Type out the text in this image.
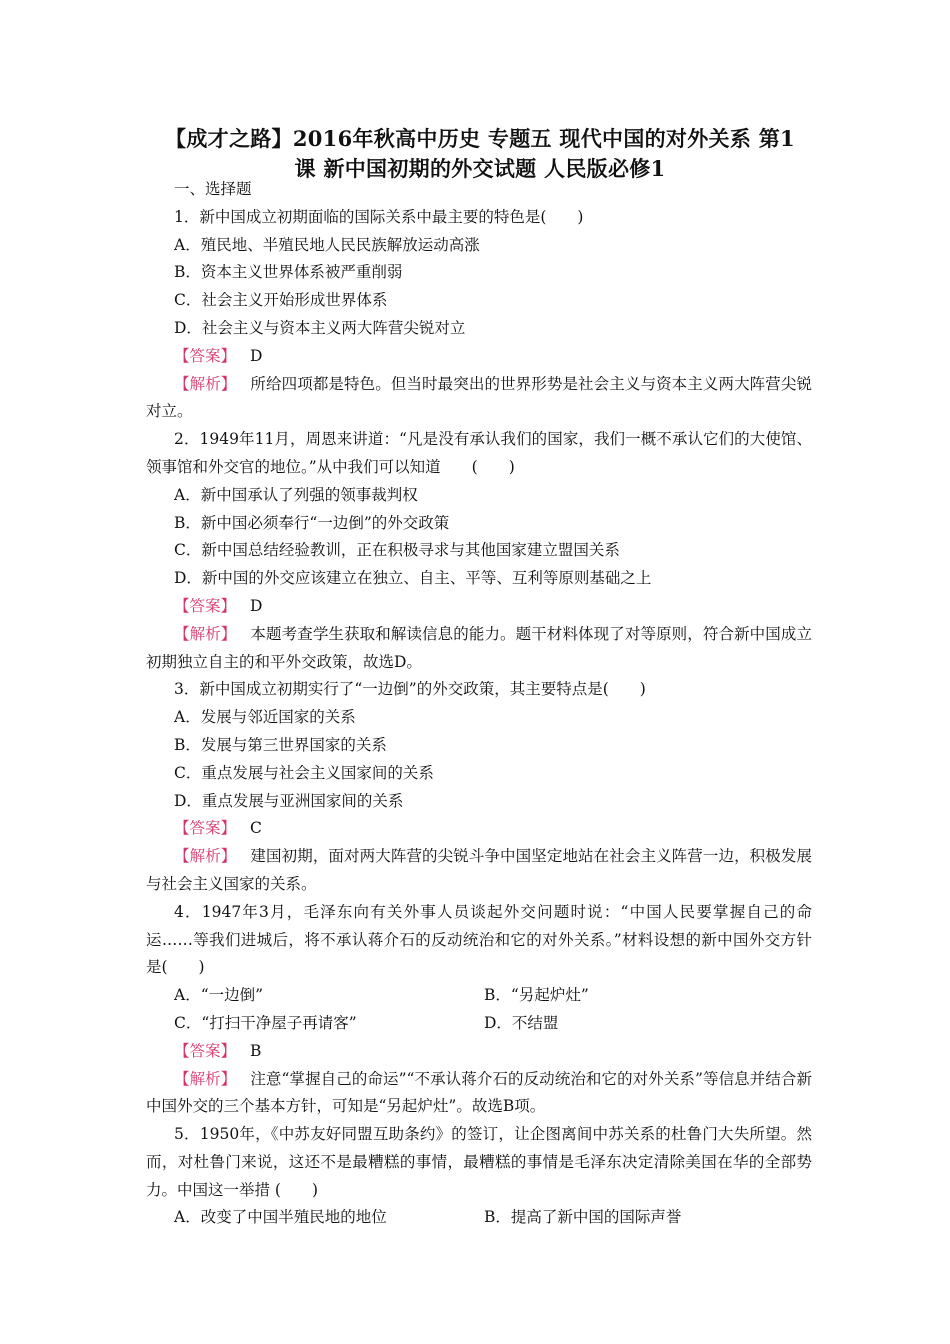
【成才之路】2016年秋高中历史 专题五 现代中国的对外关系 第1
课 新中国初期的外交试题 人民版必修1

一、选择题

1．新中国成立初期面临的国际关系中最主要的特色是(　　)

A．殖民地、半殖民地人民民族解放运动高涨

B．资本主义世界体系被严重削弱

C．社会主义开始形成世界体系

D．社会主义与资本主义两大阵营尖锐对立

【答案】 D

【解析】 所给四项都是特色。但当时最突出的世界形势是社会主义与资本主义两大阵营尖锐对立。

2．1949年11月，周恩来讲道：“凡是没有承认我们的国家，我们一概不承认它们的大使馆、领事馆和外交官的地位。”从中我们可以知道　　(　　)

A．新中国承认了列强的领事裁判权

B．新中国必须奉行“一边倒”的外交政策

C．新中国总结经验教训，正在积极寻求与其他国家建立盟国关系

D．新中国的外交应该建立在独立、自主、平等、互利等原则基础之上

【答案】 D

【解析】 本题考查学生获取和解读信息的能力。题干材料体现了对等原则，符合新中国成立初期独立自主的和平外交政策，故选D。

3．新中国成立初期实行了“一边倒”的外交政策，其主要特点是(　　)

A．发展与邻近国家的关系

B．发展与第三世界国家的关系

C．重点发展与社会主义国家间的关系

D．重点发展与亚洲国家间的关系

【答案】 C

【解析】 建国初期，面对两大阵营的尖锐斗争中国坚定地站在社会主义阵营一边，积极发展与社会主义国家的关系。

4．1947年3月，毛泽东向有关外事人员谈起外交问题时说：“中国人民要掌握自己的命运……等我们进城后，将不承认蒋介石的反动统治和它的对外关系。”材料设想的新中国外交方针是(　　)

A．“一边倒”	B．“另起炉灶”
C．“打扫干净屋子再请客”	D．不结盟

【答案】 B

【解析】 注意“掌握自己的命运”“不承认蒋介石的反动统治和它的对外关系”等信息并结合新中国外交的三个基本方针，可知是“另起炉灶”。故选B项。

5．1950年，《中苏友好同盟互助条约》的签订，让企图离间中苏关系的杜鲁门大失所望。然而，对杜鲁门来说，这还不是最糟糕的事情，最糟糕的事情是毛泽东决定清除美国在华的全部势力。中国这一举措 (　　)

A．改变了中国半殖民地的地位	B．提高了新中国的国际声誉
